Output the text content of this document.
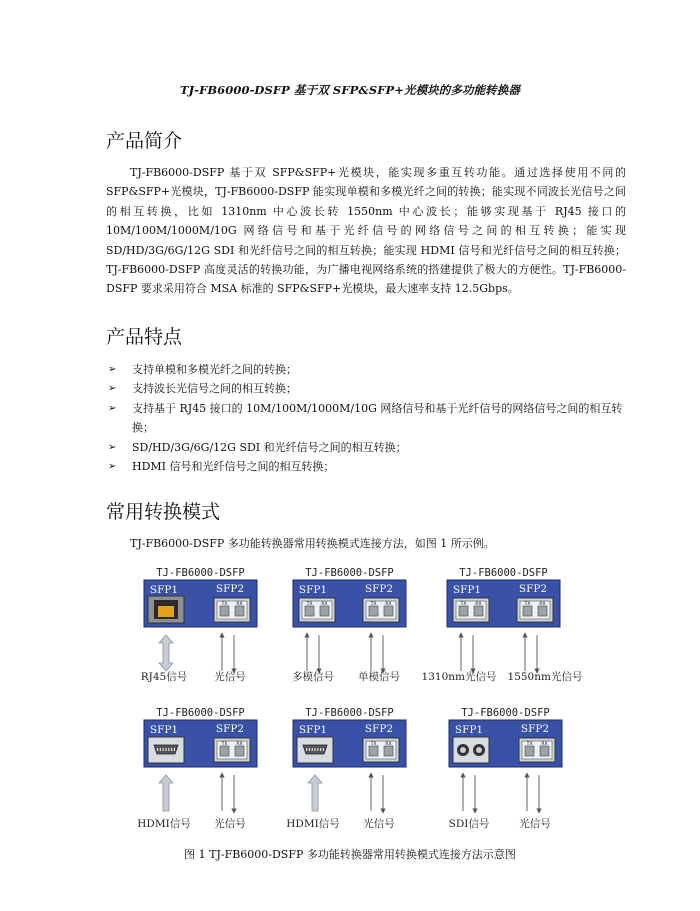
TJ-FB6000-DSFP 基于双 SFP&SFP+光模块的多功能转换器
产品简介

TJ-FB6000-DSFP 基于双 SFP&SFP+光模块，能实现多重互转功能。通过选择使用不同的 SFP&SFP+光模块，TJ-FB6000-DSFP 能实现单模和多模光纤之间的转换；能实现不同波长光信号之间的相互转换，比如 1310nm 中心波长转 1550nm 中心波长；能够实现基于 RJ45 接口的 10M/100M/1000M/10G 网络信号和基于光纤信号的网络信号之间的相互转换；能实现 SD/HD/3G/6G/12G SDI 和光纤信号之间的相互转换；能实现 HDMI 信号和光纤信号之间的相互转换；TJ-FB6000-DSFP 高度灵活的转换功能，为广播电视网络系统的搭建提供了极大的方便性。TJ-FB6000-DSFP 要求采用符合 MSA 标准的 SFP&SFP+光模块，最大速率支持 12.5Gbps。

产品特点
➢ 支持单模和多模光纤之间的转换；
➢ 支持波长光信号之间的相互转换；
➢ 支持基于 RJ45 接口的 10M/100M/1000M/10G 网络信号和基于光纤信号的网络信号之间的相互转换；
➢ SD/HD/3G/6G/12G SDI 和光纤信号之间的相互转换；
➢ HDMI 信号和光纤信号之间的相互转换；
常用转换模式

TJ-FB6000-DSFP 多功能转换器常用转换模式连接方法，如图 1 所示例。

TJ-FB6000-DSFP
SFP1	SFP2
TX RX
RJ45信号	光信号
TJ-FB6000-DSFP
SFP1	SFP2
TX RX	TX RX
多模信号 单模信号
TJ-FB6000-DSFP
SFP1	SFP2
TX RX	TX RX
1310nm光信号 1550nm光信号
TJ-FB6000-DSFP
SFP1	SFP2
TX RX
HDMI信号 光信号
TJ-FB6000-DSFP
SFP1	SFP2
TX RX
HDMI信号 光信号
TJ-FB6000-DSFP
SFP1	SFP2
TX RX
SDI信号	光信号
图 1 TJ-FB6000-DSFP 多功能转换器常用转换模式连接方法示意图
